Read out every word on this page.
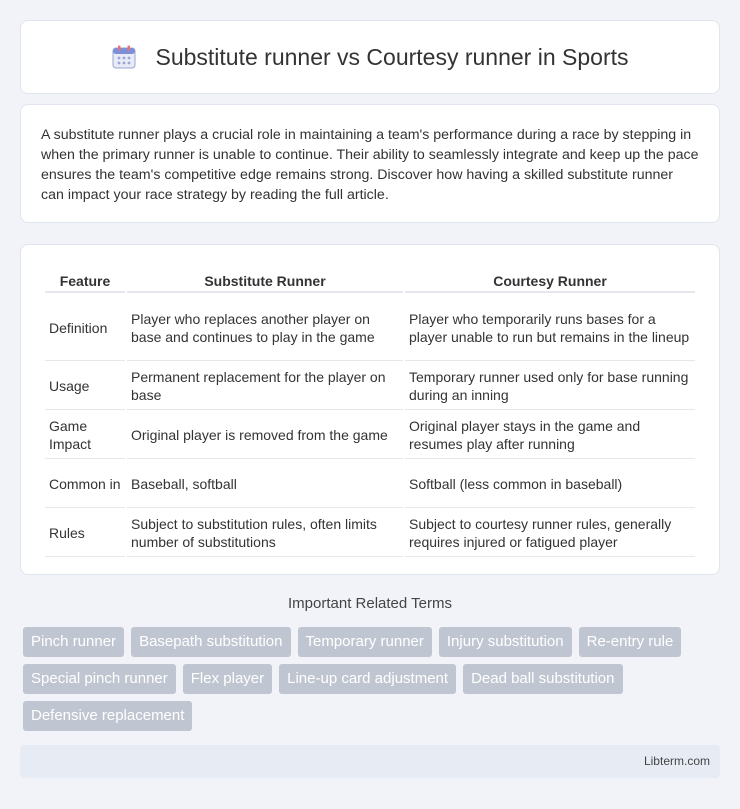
Substitute runner vs Courtesy runner in Sports

A substitute runner plays a crucial role in maintaining a team's performance during a race by stepping in when the primary runner is unable to continue. Their ability to seamlessly integrate and keep up the pace ensures the team's competitive edge remains strong. Discover how having a skilled substitute runner can impact your race strategy by reading the full article.

Feature	Substitute Runner	Courtesy Runner
Definition	Player who replaces another player on base and continues to play in the game	Player who temporarily runs bases for a player unable to run but remains in the lineup
Usage	Permanent replacement for the player on base	Temporary runner used only for base running during an inning
Game Impact	Original player is removed from the game	Original player stays in the game and resumes play after running
Common in	Baseball, softball	Softball (less common in baseball)
Rules	Subject to substitution rules, often limits number of substitutions	Subject to courtesy runner rules, generally requires injured or fatigued player
Important Related Terms
Pinch runner	Basepath substitution	Temporary runner	Injury substitution	Re-entry rule
Special pinch runner	Flex player	Line-up card adjustment	Dead ball substitution
Defensive replacement
Libterm.com
